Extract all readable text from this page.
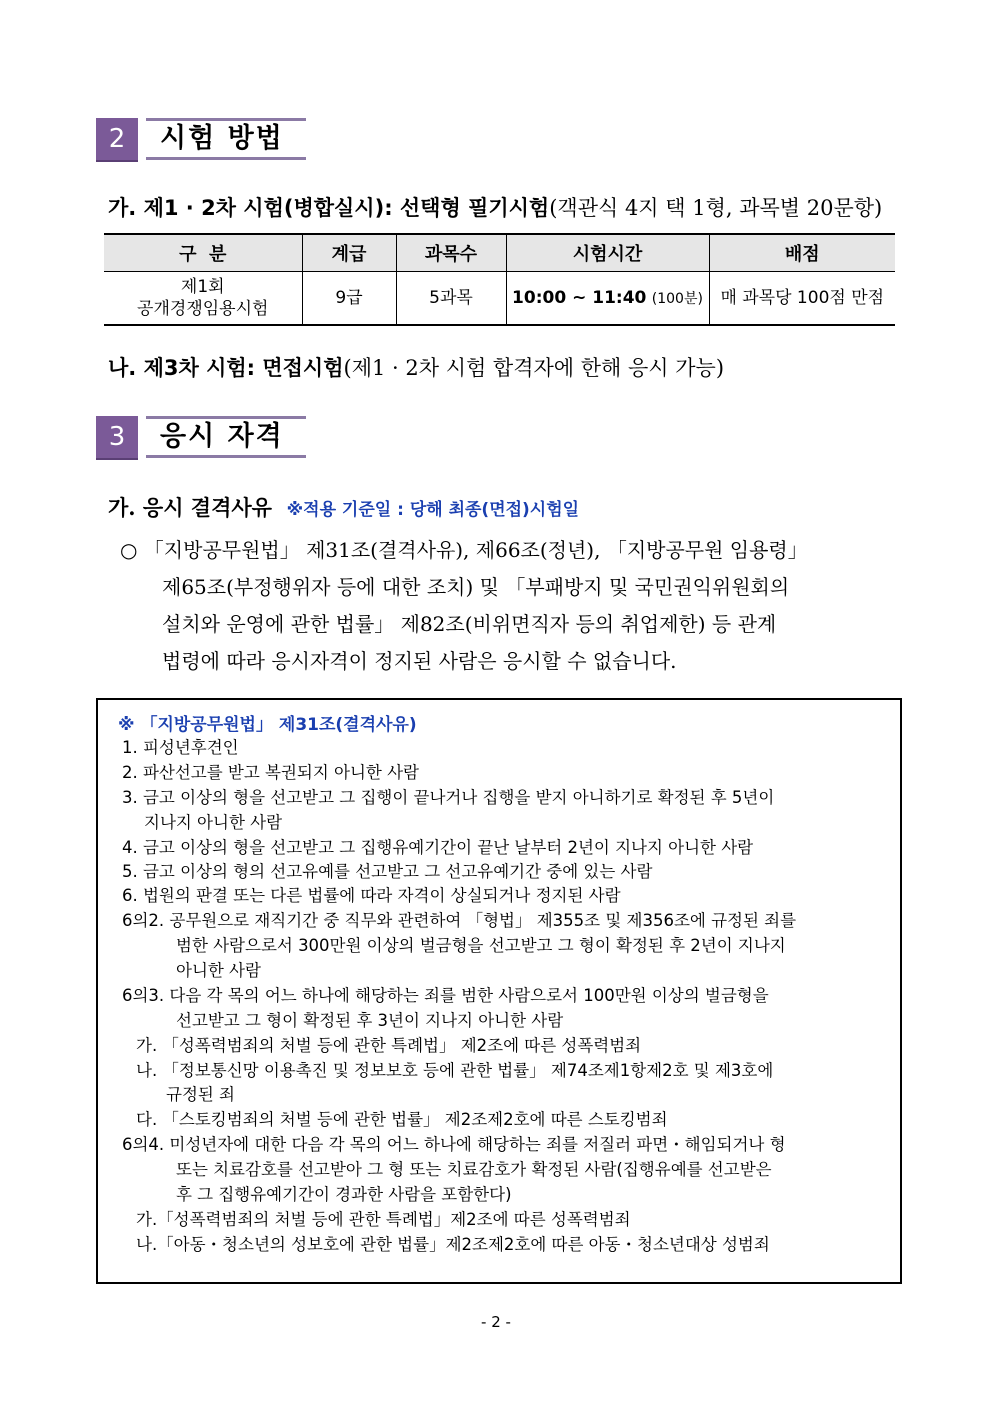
2	시험 방법
가. 제1 · 2차 시험(병합실시): 선택형 필기시험(객관식 4지 택 1형, 과목별 20문항)
구  분	계급	과목수	시험시간	배점

제1회
공개경쟁임용시험	9급	5과목	10:00 ~ 11:40 (100분)	매 과목당 100점 만점
나. 제3차 시험: 면접시험(제1 · 2차 시험 합격자에 한해 응시 가능)
3	응시 자격
가. 응시 결격사유 ※적용 기준일 : 당해 최종(면접)시험일
○ 「지방공무원법」 제31조(결격사유), 제66조(정년), 「지방공무원 임용령」
제65조(부정행위자 등에 대한 조치) 및 「부패방지 및 국민권익위원회의
설치와 운영에 관한 법률」 제82조(비위면직자 등의 취업제한) 등 관계
법령에 따라 응시자격이 정지된 사람은 응시할 수 없습니다.
※ 「지방공무원법」 제31조(결격사유)
1. 피성년후견인
2. 파산선고를 받고 복권되지 아니한 사람
3. 금고 이상의 형을 선고받고 그 집행이 끝나거나 집행을 받지 아니하기로 확정된 후 5년이
지나지 아니한 사람
4. 금고 이상의 형을 선고받고 그 집행유예기간이 끝난 날부터 2년이 지나지 아니한 사람
5. 금고 이상의 형의 선고유예를 선고받고 그 선고유예기간 중에 있는 사람
6. 법원의 판결 또는 다른 법률에 따라 자격이 상실되거나 정지된 사람
6의2. 공무원으로 재직기간 중 직무와 관련하여 「형법」 제355조 및 제356조에 규정된 죄를
범한 사람으로서 300만원 이상의 벌금형을 선고받고 그 형이 확정된 후 2년이 지나지
아니한 사람
6의3. 다음 각 목의 어느 하나에 해당하는 죄를 범한 사람으로서 100만원 이상의 벌금형을
선고받고 그 형이 확정된 후 3년이 지나지 아니한 사람
가. 「성폭력범죄의 처벌 등에 관한 특례법」 제2조에 따른 성폭력범죄
나. 「정보통신망 이용촉진 및 정보보호 등에 관한 법률」 제74조제1항제2호 및 제3호에
규정된 죄
다. 「스토킹범죄의 처벌 등에 관한 법률」 제2조제2호에 따른 스토킹범죄
6의4. 미성년자에 대한 다음 각 목의 어느 하나에 해당하는 죄를 저질러 파면・해임되거나 형
또는 치료감호를 선고받아 그 형 또는 치료감호가 확정된 사람(집행유예를 선고받은
후 그 집행유예기간이 경과한 사람을 포함한다)
가.「성폭력범죄의 처벌 등에 관한 특례법」제2조에 따른 성폭력범죄
나.「아동・청소년의 성보호에 관한 법률」제2조제2호에 따른 아동・청소년대상 성범죄
- 2 -
